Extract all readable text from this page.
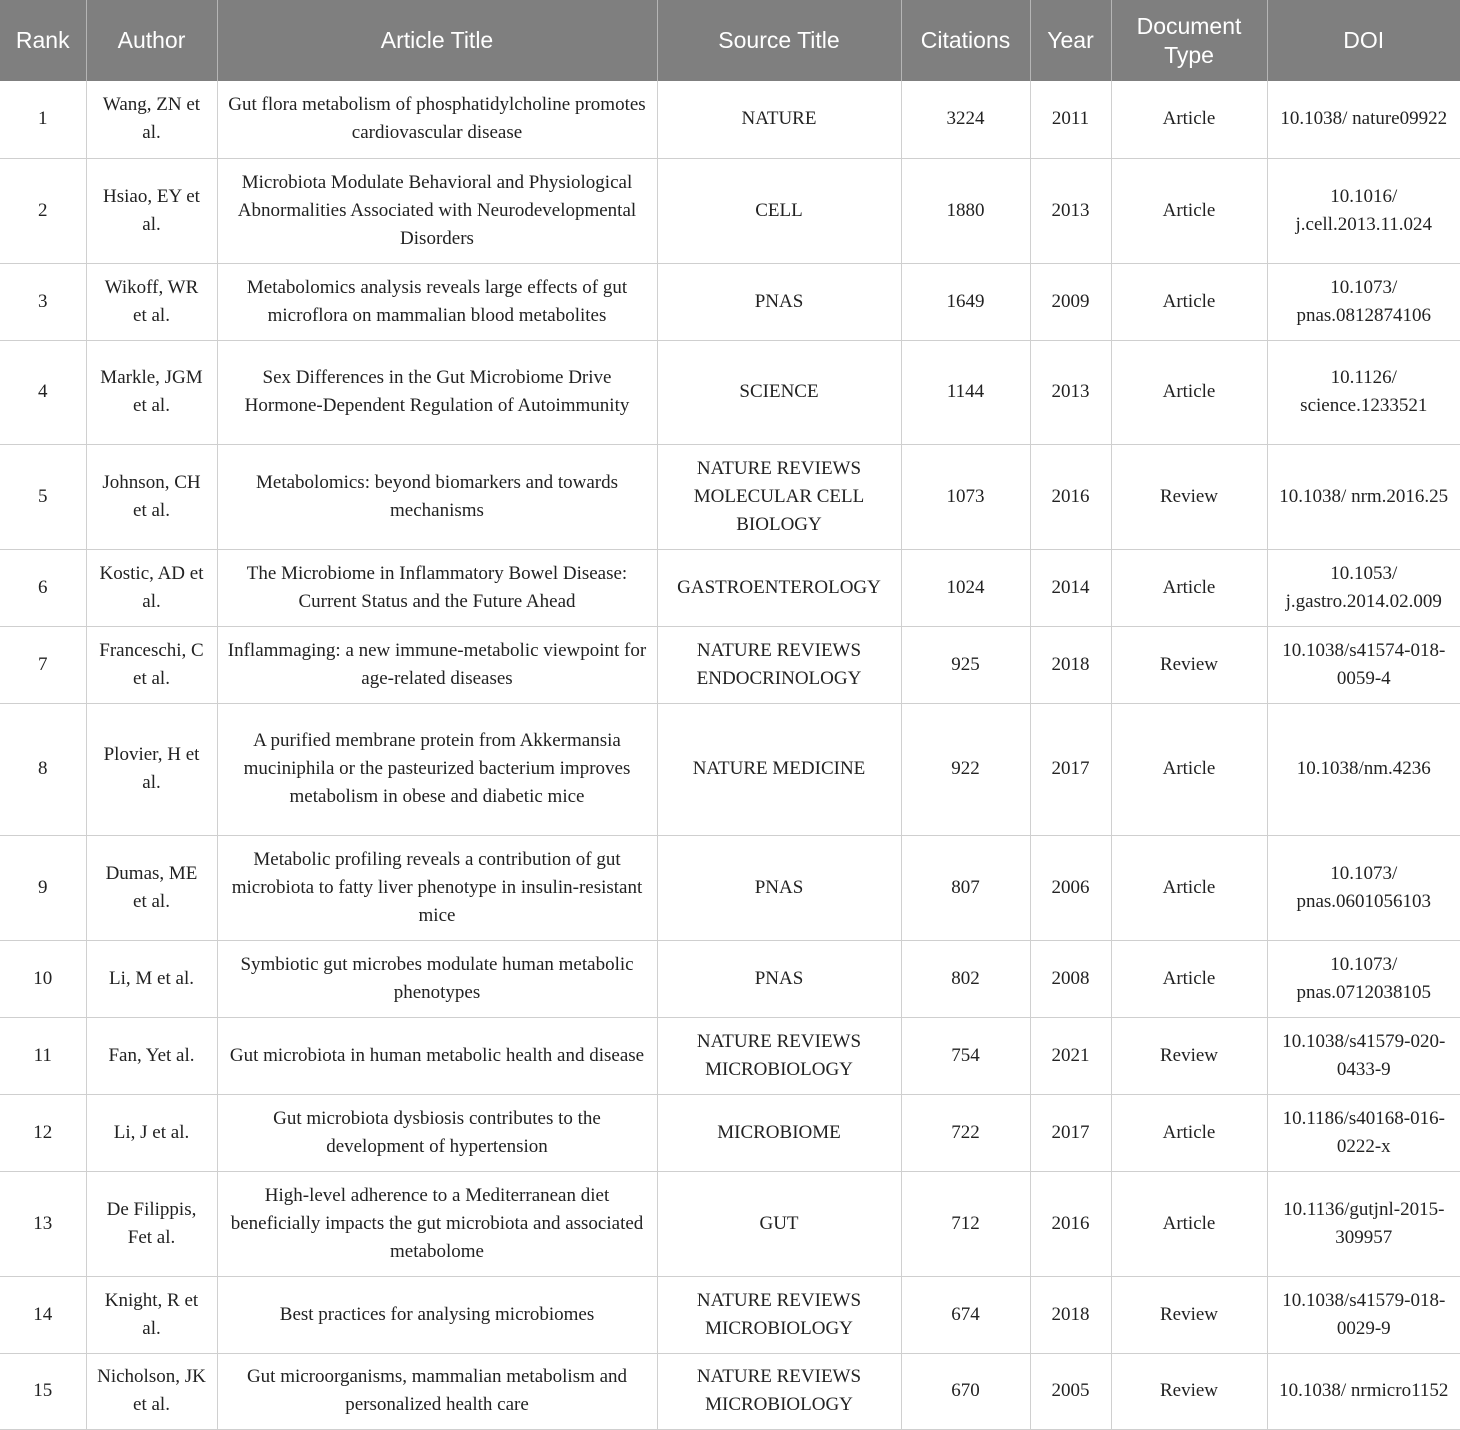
Rank	Author	Article Title	Source Title	Citations	Year	Document Type	DOI
1	Wang, ZN et al.	Gut flora metabolism of phosphatidylcholine promotes cardiovascular disease	NATURE	3224	2011	Article	10.1038/ nature09922
2	Hsiao, EY et al.	Microbiota Modulate Behavioral and Physiological Abnormalities Associated with Neurodevelopmental Disorders	CELL	1880	2013	Article	10.1016/ j.cell.2013.11.024
3	Wikoff, WR et al.	Metabolomics analysis reveals large effects of gut microflora on mammalian blood metabolites	PNAS	1649	2009	Article	10.1073/ pnas.0812874106
4	Markle, JGM et al.	Sex Differences in the Gut Microbiome Drive Hormone-Dependent Regulation of Autoimmunity	SCIENCE	1144	2013	Article	10.1126/ science.1233521
5	Johnson, CH et al.	Metabolomics: beyond biomarkers and towards mechanisms	NATURE REVIEWS MOLECULAR CELL BIOLOGY	1073	2016	Review	10.1038/ nrm.2016.25
6	Kostic, AD et al.	The Microbiome in Inflammatory Bowel Disease: Current Status and the Future Ahead	GASTROENTEROLOGY	1024	2014	Article	10.1053/ j.gastro.2014.02.009
7	Franceschi, C et al.	Inflammaging: a new immune-metabolic viewpoint for age-related diseases	NATURE REVIEWS ENDOCRINOLOGY	925	2018	Review	10.1038/s41574-018-0059-4
8	Plovier, H et al.	A purified membrane protein from Akkermansia muciniphila or the pasteurized bacterium improves metabolism in obese and diabetic mice	NATURE MEDICINE	922	2017	Article	10.1038/nm.4236
9	Dumas, ME et al.	Metabolic profiling reveals a contribution of gut microbiota to fatty liver phenotype in insulin-resistant mice	PNAS	807	2006	Article	10.1073/ pnas.0601056103
10	Li, M et al.	Symbiotic gut microbes modulate human metabolic phenotypes	PNAS	802	2008	Article	10.1073/ pnas.0712038105
11	Fan, Yet al.	Gut microbiota in human metabolic health and disease	NATURE REVIEWS MICROBIOLOGY	754	2021	Review	10.1038/s41579-020-0433-9
12	Li, J et al.	Gut microbiota dysbiosis contributes to the development of hypertension	MICROBIOME	722	2017	Article	10.1186/s40168-016-0222-x
13	De Filippis, Fet al.	High-level adherence to a Mediterranean diet beneficially impacts the gut microbiota and associated metabolome	GUT	712	2016	Article	10.1136/gutjnl-2015-309957
14	Knight, R et al.	Best practices for analysing microbiomes	NATURE REVIEWS MICROBIOLOGY	674	2018	Review	10.1038/s41579-018-0029-9
15	Nicholson, JK et al.	Gut microorganisms, mammalian metabolism and personalized health care	NATURE REVIEWS MICROBIOLOGY	670	2005	Review	10.1038/ nrmicro1152
